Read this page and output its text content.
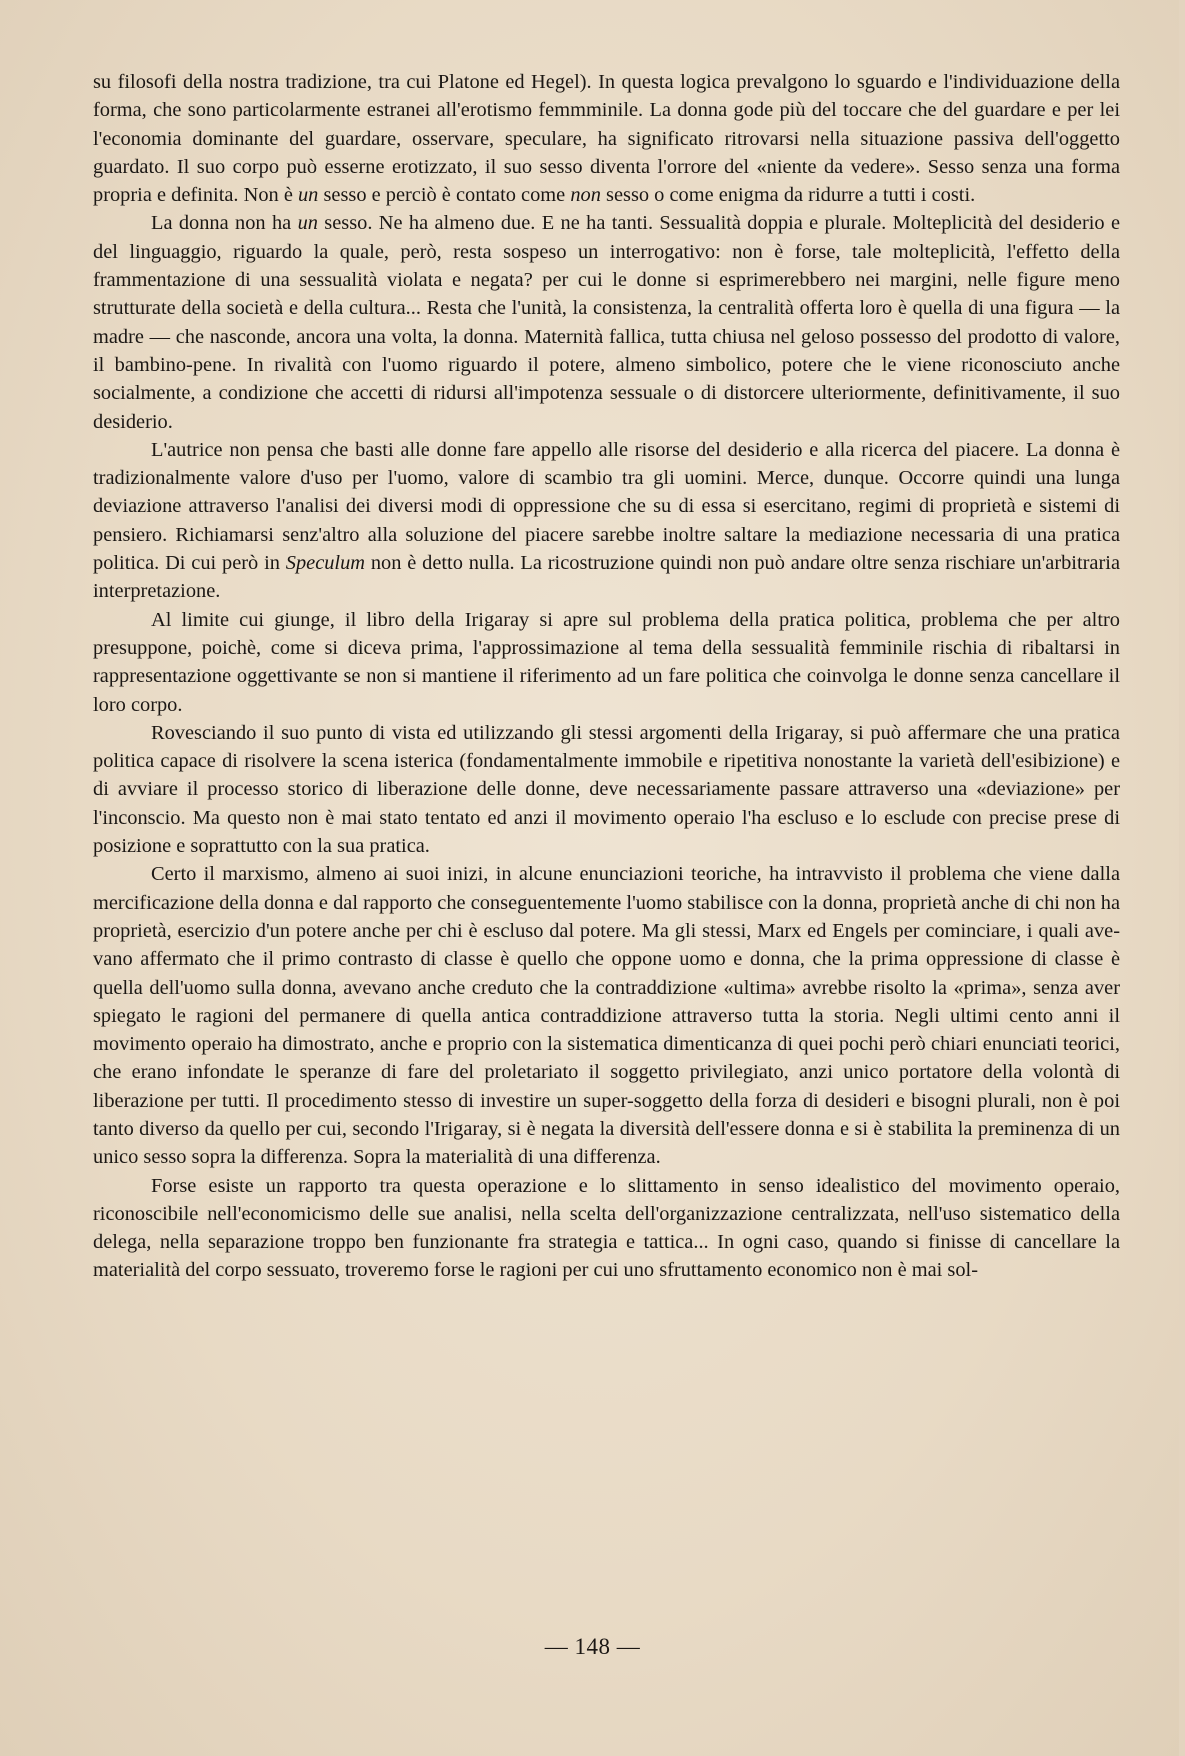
su filosofi della nostra tradizione, tra cui Platone ed Hegel). In questa logica prevalgono lo sguardo e l'individuazione della forma, che sono particolarmente estranei all'erotismo femmminile. La donna gode più del toccare che del guardare e per lei l'economia dominante del guardare, osservare, speculare, ha significato ritrovarsi nella situazione passiva dell'oggetto guardato. Il suo corpo può esserne erotizzato, il suo sesso diventa l'orrore del «niente da vedere». Sesso senza una forma propria e definita. Non è un sesso e perciò è contato come non sesso o come enigma da ridurre a tutti i costi.

La donna non ha un sesso. Ne ha almeno due. E ne ha tanti. Sessualità doppia e plurale. Molteplicità del desiderio e del linguaggio, riguardo la quale, però, resta sospeso un interrogativo: non è forse, tale molteplicità, l'effetto della frammentazione di una sessualità violata e negata? per cui le donne si esprimerebbero nei margini, nelle figure meno strutturate della società e della cultura... Resta che l'unità, la consistenza, la centralità offerta loro è quella di una figura — la madre — che nasconde, ancora una volta, la donna. Maternità fallica, tutta chiusa nel geloso possesso del prodotto di valore, il bambino-pene. In rivalità con l'uomo riguardo il potere, almeno simbolico, potere che le viene riconosciuto anche socialmente, a condizione che accetti di ridursi all'impotenza sessuale o di distorcere ulteriormente, definitivamente, il suo desiderio.

L'autrice non pensa che basti alle donne fare appello alle risorse del desiderio e alla ricerca del piacere. La donna è tradizionalmente valore d'uso per l'uomo, valore di scambio tra gli uomini. Merce, dunque. Occorre quindi una lunga deviazione attraverso l'analisi dei diversi modi di oppressione che su di essa si esercitano, regimi di proprietà e sistemi di pensiero. Richiamarsi senz'altro alla soluzione del piacere sarebbe inoltre saltare la mediazione necessaria di una pratica politica. Di cui però in Speculum non è detto nulla. La ricostruzione quindi non può andare oltre senza rischiare un'arbitraria interpretazione.

Al limite cui giunge, il libro della Irigaray si apre sul problema della pratica politica, problema che per altro presuppone, poichè, come si diceva prima, l'approssimazione al tema della sessualità femminile rischia di ribaltarsi in rappresentazione oggettivante se non si mantiene il riferimento ad un fare politica che coinvolga le donne senza cancellare il loro corpo.

Rovesciando il suo punto di vista ed utilizzando gli stessi argomenti della Irigaray, si può affermare che una pratica politica capace di risolvere la scena isterica (fondamentalmente immobile e ripetitiva nonostante la varietà dell'esibizione) e di avviare il processo storico di liberazione delle donne, deve necessariamente passare attraverso una «deviazione» per l'inconscio. Ma questo non è mai stato tentato ed anzi il movimento operaio l'ha escluso e lo esclude con precise prese di posizione e soprattutto con la sua pratica.

Certo il marxismo, almeno ai suoi inizi, in alcune enunciazioni teoriche, ha intravvisto il problema che viene dalla mercificazione della donna e dal rapporto che conseguentemente l'uomo stabilisce con la donna, proprietà anche di chi non ha proprietà, esercizio d'un potere anche per chi è escluso dal potere. Ma gli stessi, Marx ed Engels per cominciare, i quali avevano affermato che il primo contrasto di classe è quello che oppone uomo e donna, che la prima oppressione di classe è quella dell'uomo sulla donna, avevano anche creduto che la contraddizione «ultima» avrebbe risolto la «prima», senza aver spiegato le ragioni del permanere di quella antica contraddizione attraverso tutta la storia. Negli ultimi cento anni il movimento operaio ha dimostrato, anche e proprio con la sistematica dimenticanza di quei pochi però chiari enunciati teorici, che erano infondate le speranze di fare del proletariato il soggetto privilegiato, anzi unico portatore della volontà di liberazione per tutti. Il procedimento stesso di investire un super-soggetto della forza di desideri e bisogni plurali, non è poi tanto diverso da quello per cui, secondo l'Irigaray, si è negata la diversità dell'essere donna e si è stabilita la preminenza di un unico sesso sopra la differenza. Sopra la materialità di una differenza.

Forse esiste un rapporto tra questa operazione e lo slittamento in senso idealistico del movimento operaio, riconoscibile nell'economicismo delle sue analisi, nella scelta dell'organizzazione centralizzata, nell'uso sistematico della delega, nella separazione troppo ben funzionante fra strategia e tattica... In ogni caso, quando si finisse di cancellare la materialità del corpo sessuato, troveremo forse le ragioni per cui uno sfruttamento economico non è mai sol-

— 148 —
